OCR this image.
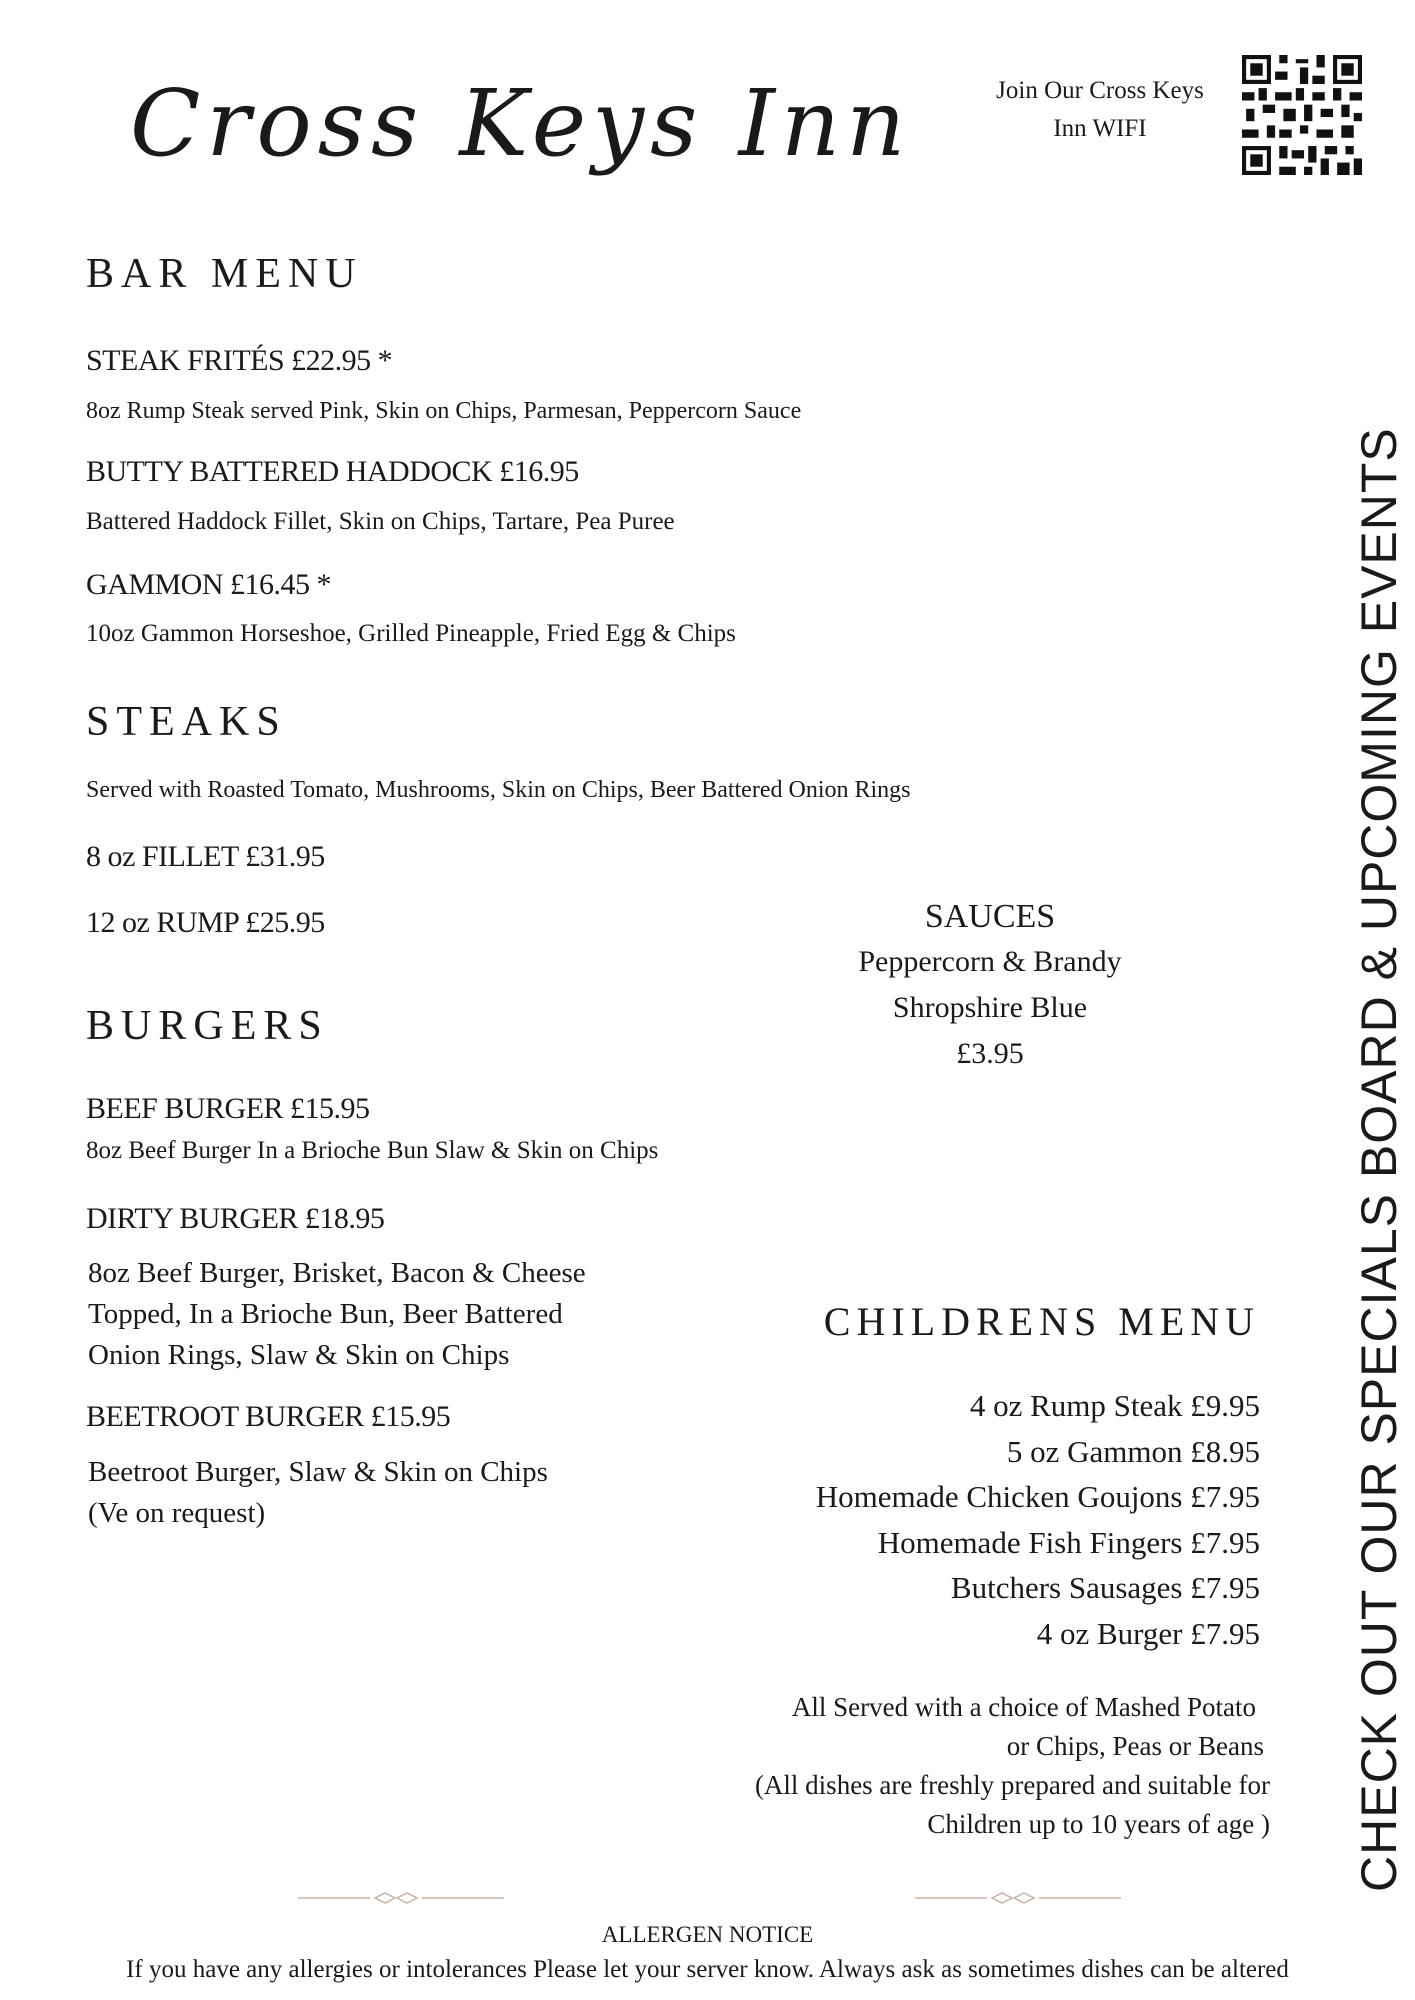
Cross Keys Inn	Join Our Cross Keys
Inn WIFI
BAR MENU
STEAK FRITÉS £22.95 *
8oz Rump Steak served Pink, Skin on Chips, Parmesan, Peppercorn Sauce
BUTTY BATTERED HADDOCK £16.95
Battered Haddock Fillet, Skin on Chips, Tartare, Pea Puree
GAMMON £16.45 *
10oz Gammon Horseshoe, Grilled Pineapple, Fried Egg & Chips
STEAKS
Served with Roasted Tomato, Mushrooms, Skin on Chips, Beer Battered Onion Rings
8 oz FILLET £31.95
12 oz RUMP £25.95	SAUCES
Peppercorn & Brandy
Shropshire Blue
£3.95
BURGERS
BEEF BURGER £15.95
8oz Beef Burger In a Brioche Bun Slaw & Skin on Chips
DIRTY BURGER £18.95
8oz Beef Burger, Brisket, Bacon & Cheese
Topped, In a Brioche Bun, Beer Battered
Onion Rings, Slaw & Skin on Chips
BEETROOT BURGER £15.95
Beetroot Burger, Slaw & Skin on Chips
(Ve on request)
CHILDRENS MENU
4 oz Rump Steak £9.95
5 oz Gammon £8.95
Homemade Chicken Goujons £7.95
Homemade Fish Fingers £7.95
Butchers Sausages £7.95
4 oz Burger £7.95
All Served with a choice of Mashed Potato
or Chips, Peas or Beans
(All dishes are freshly prepared and suitable for
Children up to 10 years of age ) CHECK OUT OUR SPECIALS BOARD & UPCOMING EVENTS
ALLERGEN NOTICE
If you have any allergies or intolerances Please let your server know. Always ask as sometimes dishes can be altered
